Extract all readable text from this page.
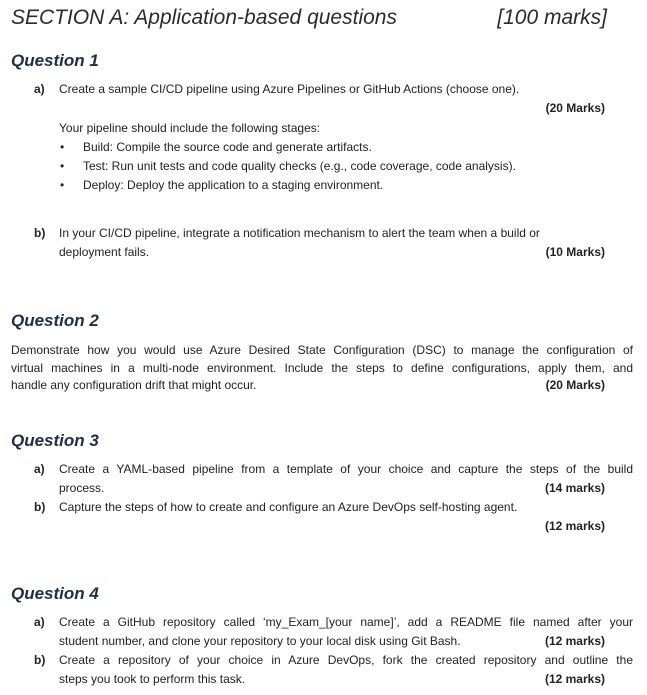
SECTION A: Application-based questions	[100 marks]
Question 1
a) Create a sample CI/CD pipeline using Azure Pipelines or GitHub Actions (choose one).
(20 Marks)
Your pipeline should include the following stages:
• Build: Compile the source code and generate artifacts.
• Test: Run unit tests and code quality checks (e.g., code coverage, code analysis).
• Deploy: Deploy the application to a staging environment.
b) In your CI/CD pipeline, integrate a notification mechanism to alert the team when a build or
deployment fails.	(10 Marks)
Question 2
Demonstrate how you would use Azure Desired State Configuration (DSC) to manage the configuration of
virtual machines in a multi-node environment. Include the steps to define configurations, apply them, and
handle any configuration drift that might occur.	(20 Marks)
Question 3
a) Create a YAML-based pipeline from a template of your choice and capture the steps of the build
process.	(14 marks)
b) Capture the steps of how to create and configure an Azure DevOps self-hosting agent.
(12 marks)
Question 4
a) Create a GitHub repository called ‘my_Exam_[your name]’, add a README file named after your
student number, and clone your repository to your local disk using Git Bash.	(12 marks)
b) Create a repository of your choice in Azure DevOps, fork the created repository and outline the
steps you took to perform this task.	(12 marks)
